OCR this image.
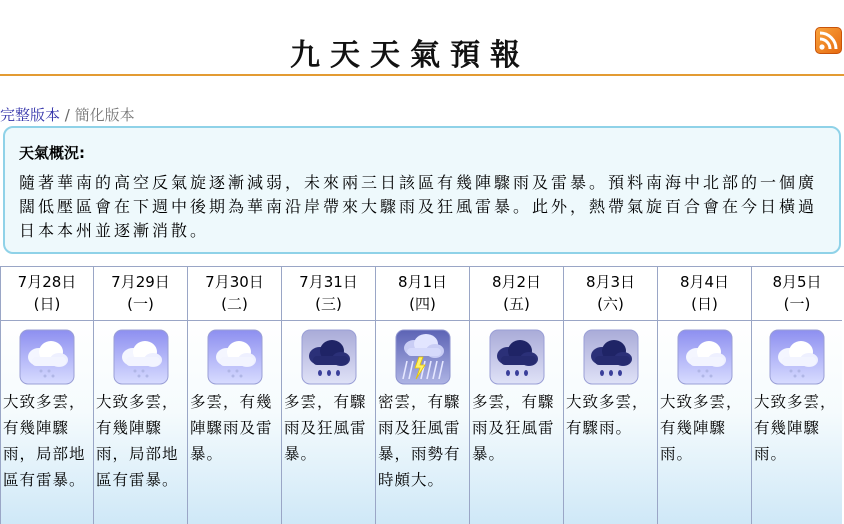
九天天氣預報
完整版本 / 簡化版本
天氣概況:
隨著華南的高空反氣旋逐漸減弱，未來兩三日該區有幾陣驟雨及雷暴。預料南海中北部的一個廣闊低壓區會在下週中後期為華南沿岸帶來大驟雨及狂風雷暴。此外，熱帶氣旋百合會在今日橫過日本本州並逐漸消散。
7月28日
(日)
大致多雲，有幾陣驟雨，局部地區有雷暴。
7月29日
(一)
大致多雲，有幾陣驟雨，局部地區有雷暴。
7月30日
(二)
多雲，有幾陣驟雨及雷暴。
7月31日
(三)
多雲，有驟雨及狂風雷暴。
8月1日
(四)
密雲，有驟雨及狂風雷暴，雨勢有時頗大。
8月2日
(五)
多雲，有驟雨及狂風雷暴。
8月3日
(六)
大致多雲，有驟雨。
8月4日
(日)
大致多雲，有幾陣驟雨。
8月5日
(一)
大致多雲，有幾陣驟雨。
